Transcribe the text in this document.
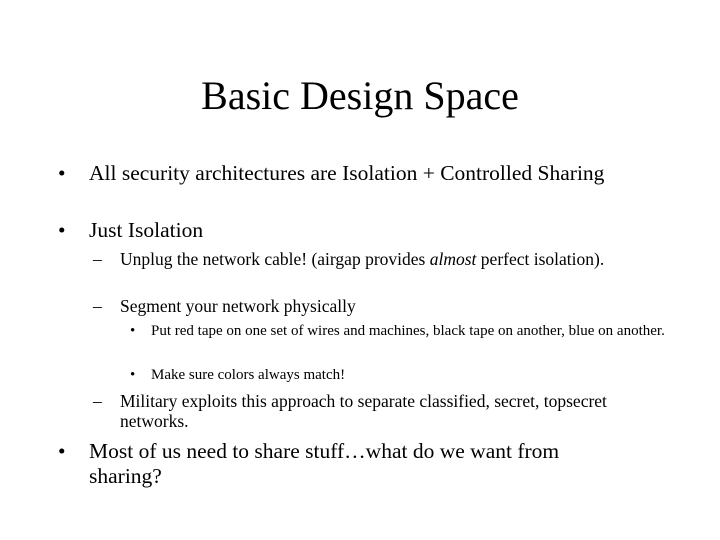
Basic Design Space
• All security architectures are Isolation + Controlled Sharing
• Just Isolation
– Unplug the network cable! (airgap provides almost perfect isolation).
– Segment your network physically
• Put red tape on one set of wires and machines, black tape on another, blue on another.
• Make sure colors always match!
– Military exploits this approach to separate classified, secret, topsecret networks.
• Most of us need to share stuff…what do we want from sharing?
